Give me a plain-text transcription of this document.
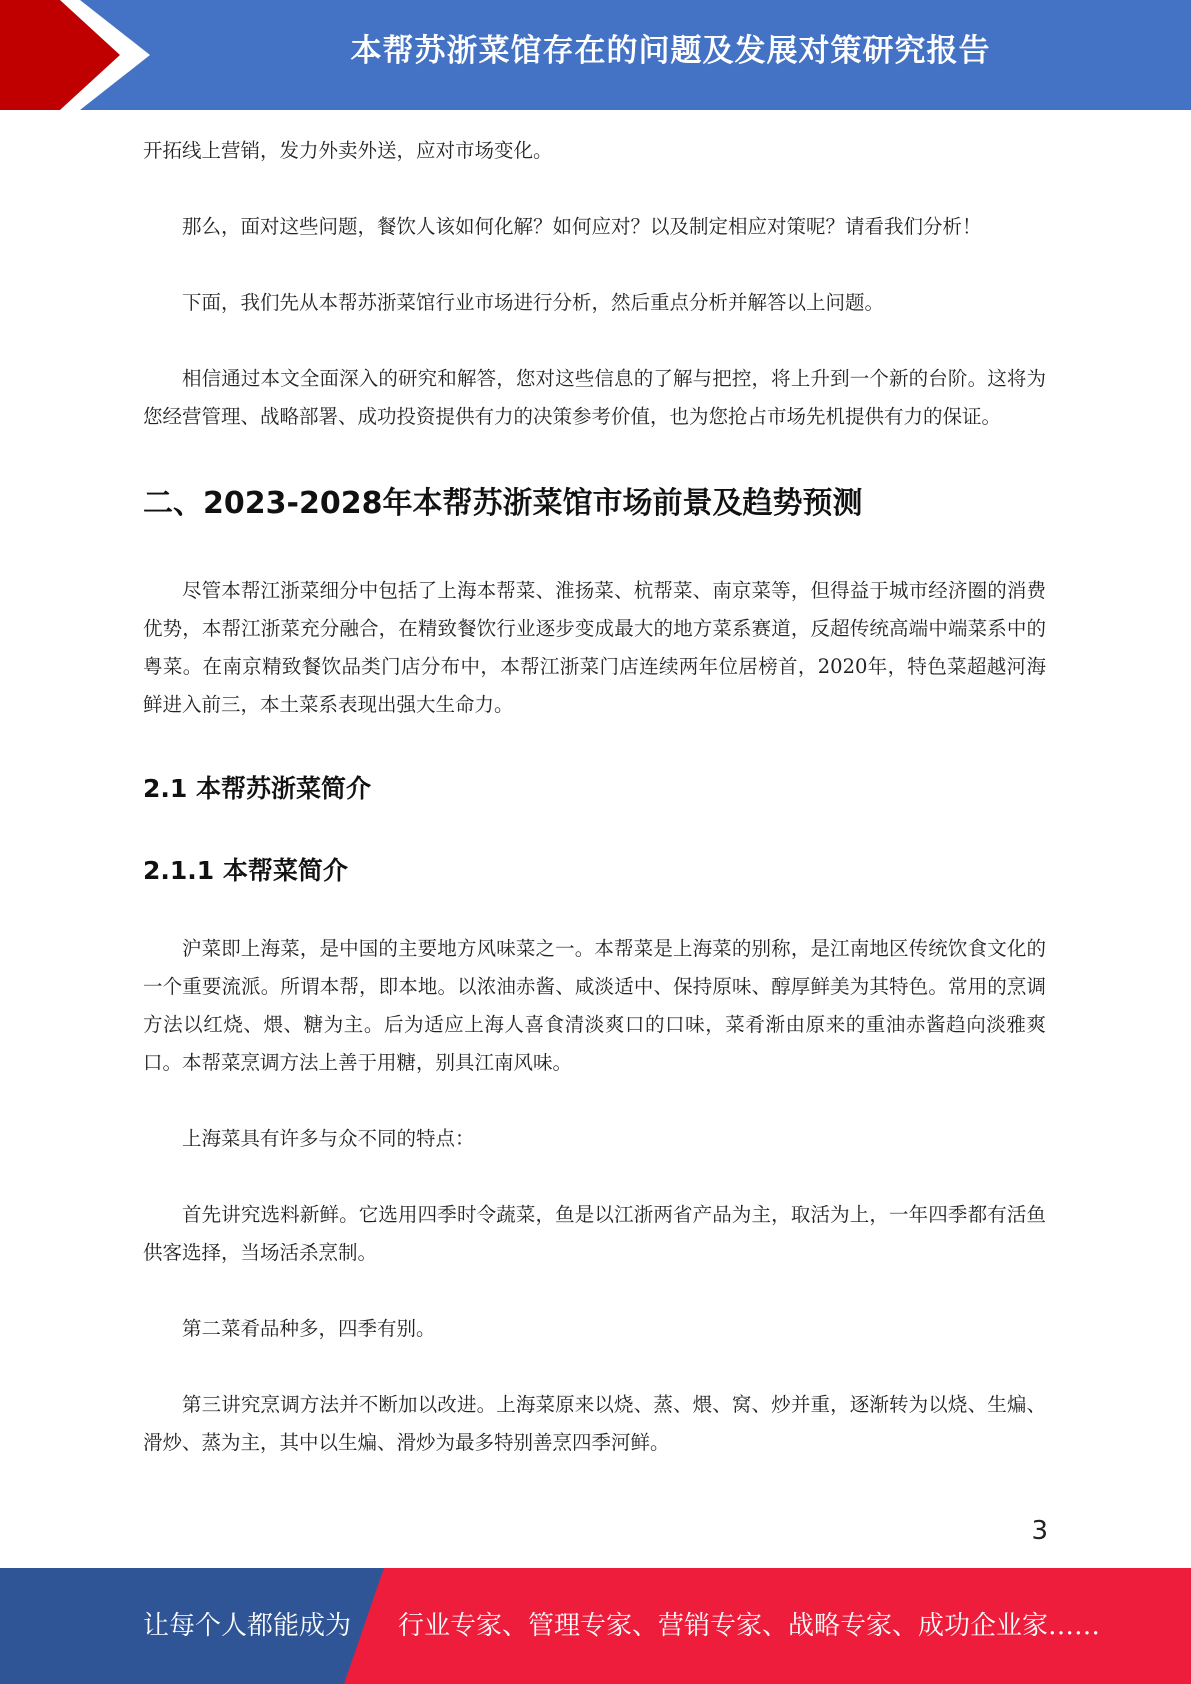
本帮苏浙菜馆存在的问题及发展对策研究报告

开拓线上营销，发力外卖外送，应对市场变化。

那么，面对这些问题，餐饮人该如何化解？如何应对？以及制定相应对策呢？请看我们分析！

下面，我们先从本帮苏浙菜馆行业市场进行分析，然后重点分析并解答以上问题。

相信通过本文全面深入的研究和解答，您对这些信息的了解与把控，将上升到一个新的台阶。这将为您经营管理、战略部署、成功投资提供有力的决策参考价值，也为您抢占市场先机提供有力的保证。

二、2023-2028年本帮苏浙菜馆市场前景及趋势预测

尽管本帮江浙菜细分中包括了上海本帮菜、淮扬菜、杭帮菜、南京菜等，但得益于城市经济圈的消费优势，本帮江浙菜充分融合，在精致餐饮行业逐步变成最大的地方菜系赛道，反超传统高端中端菜系中的粤菜。在南京精致餐饮品类门店分布中，本帮江浙菜门店连续两年位居榜首，2020年，特色菜超越河海鲜进入前三，本土菜系表现出强大生命力。

2.1 本帮苏浙菜简介
2.1.1 本帮菜简介

沪菜即上海菜，是中国的主要地方风味菜之一。本帮菜是上海菜的别称，是江南地区传统饮食文化的一个重要流派。所谓本帮，即本地。以浓油赤酱、咸淡适中、保持原味、醇厚鲜美为其特色。常用的烹调方法以红烧、煨、糖为主。后为适应上海人喜食清淡爽口的口味，菜肴渐由原来的重油赤酱趋向淡雅爽口。本帮菜烹调方法上善于用糖，别具江南风味。

上海菜具有许多与众不同的特点：

首先讲究选料新鲜。它选用四季时令蔬菜，鱼是以江浙两省产品为主，取活为上，一年四季都有活鱼供客选择，当场活杀烹制。

第二菜肴品种多，四季有别。

第三讲究烹调方法并不断加以改进。上海菜原来以烧、蒸、煨、窝、炒并重，逐渐转为以烧、生煸、滑炒、蒸为主，其中以生煸、滑炒为最多特别善烹四季河鲜。

3
让每个人都能成为 行业专家、管理专家、营销专家、战略专家、成功企业家……
